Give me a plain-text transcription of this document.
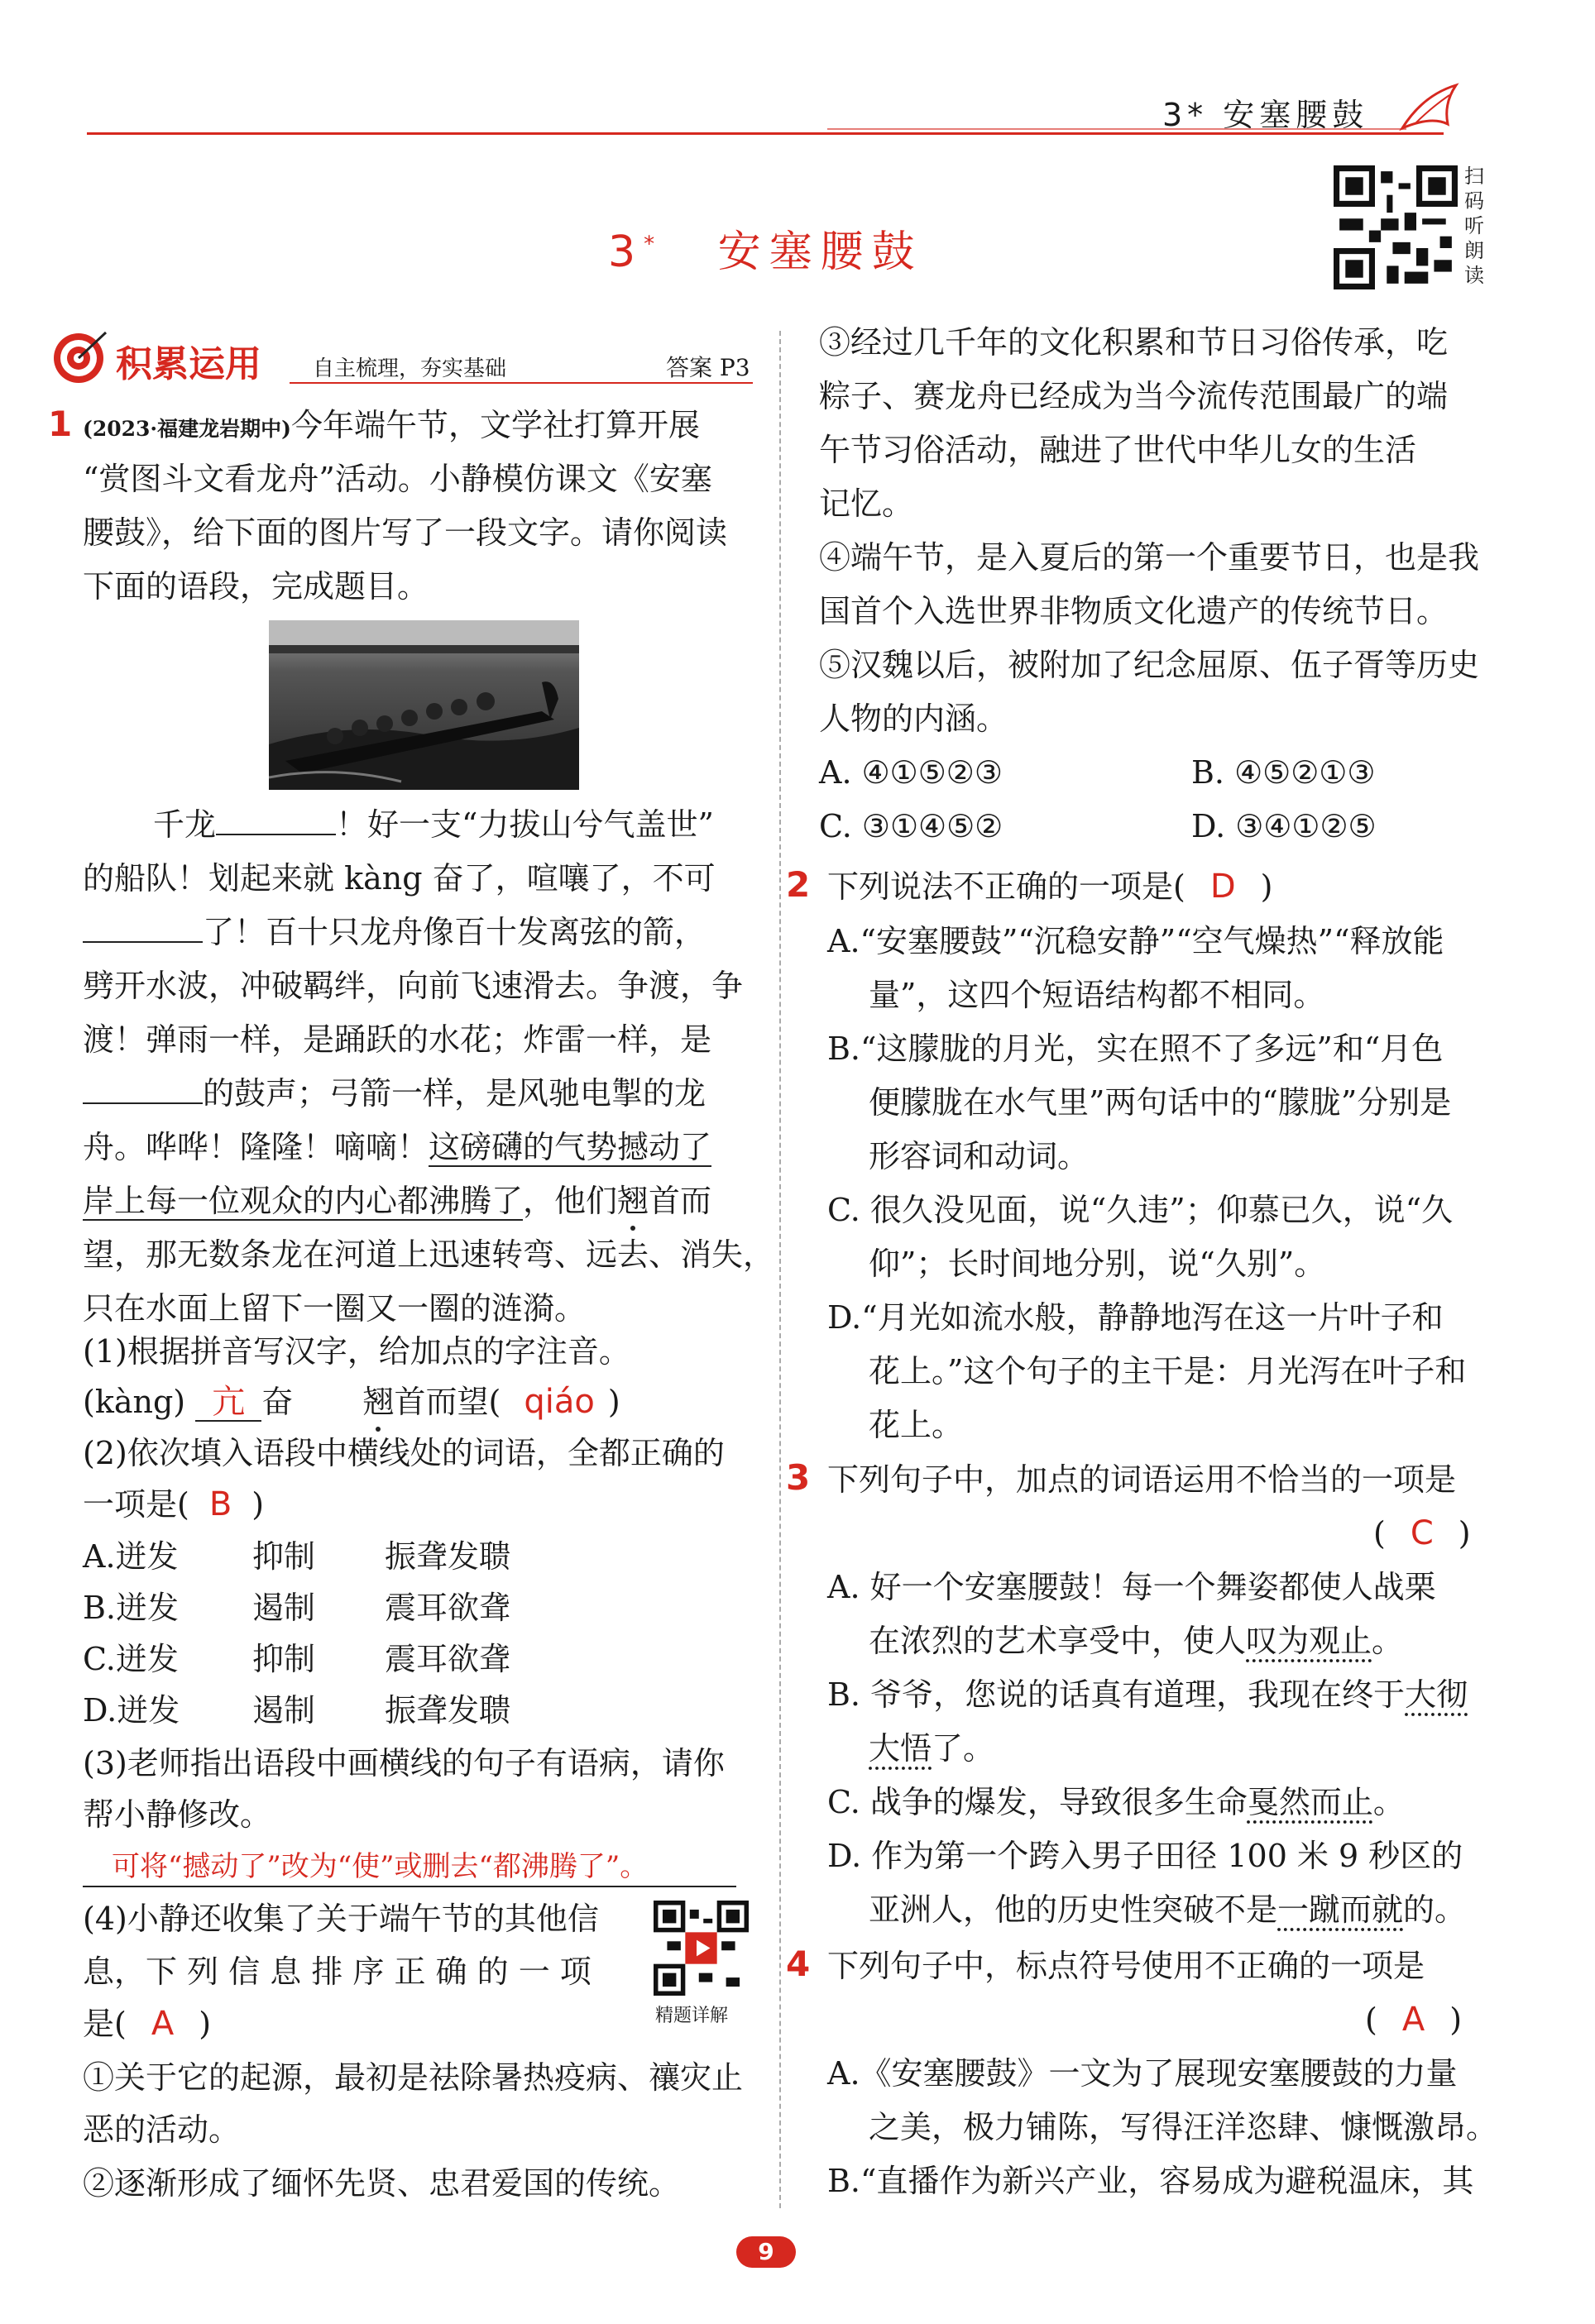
3* 安塞腰鼓
3* 安塞腰鼓
扫码听朗读
积累运用 自主梳理，夯实基础	答案 P3
1 (2023·福建龙岩期中)今年端午节，文学社打算开展
“赏图斗文看龙舟”活动。小静模仿课文《安塞
腰鼓》，给下面的图片写了一段文字。请你阅读
下面的语段，完成题目。
千龙	！好一支“力拔山兮气盖世”
的船队！划起来就 kàng 奋了，喧嚷了，不可
了！百十只龙舟像百十发离弦的箭，
劈开水波，冲破羁绊，向前飞速滑去。争渡，争
渡！弹雨一样，是踊跃的水花；炸雷一样，是
的鼓声；弓箭一样，是风驰电掣的龙
舟。哗哗！隆隆！嘀嘀！这磅礴的气势撼动了
岸上每一位观众的内心都沸腾了，他们翘首而
望，那无数条龙在河道上迅速转弯、远去、消失，
只在水面上留下一圈又一圈的涟漪。
(1)根据拼音写汉字，给加点的字注音。
(kàng) 亢 奋 翘首而望( qiáo )
(2)依次填入语段中横线处的词语，全都正确的
一项是( B )
A.迸发 抑制 振聋发聩
B.迸发 遏制 震耳欲聋
C.迸发 抑制 震耳欲聋
D.迸发 遏制 振聋发聩
(3)老师指出语段中画横线的句子有语病，请你
帮小静修改。
可将“撼动了”改为“使”或删去“都沸腾了”。
(4)小静还收集了关于端午节的其他信
息，下 列 信 息 排 序 正 确 的 一 项
是( A )	精题详解
①关于它的起源，最初是祛除暑热疫病、禳灾止
恶的活动。
②逐渐形成了缅怀先贤、忠君爱国的传统。
③经过几千年的文化积累和节日习俗传承，吃
粽子、赛龙舟已经成为当今流传范围最广的端
午节习俗活动，融进了世代中华儿女的生活
记忆。
④端午节，是入夏后的第一个重要节日，也是我
国首个入选世界非物质文化遗产的传统节日。
⑤汉魏以后，被附加了纪念屈原、伍子胥等历史
人物的内涵。
A. ④①⑤②③	B. ④⑤②①③
C. ③①④⑤②	D. ③④①②⑤
2 下列说法不正确的一项是( D )
A.“安塞腰鼓”“沉稳安静”“空气燥热”“释放能
量”，这四个短语结构都不相同。
B.“这朦胧的月光，实在照不了多远”和“月色
便朦胧在水气里”两句话中的“朦胧”分别是
形容词和动词。
C. 很久没见面，说“久违”；仰慕已久，说“久
仰”；长时间地分别，说“久别”。
D.“月光如流水般，静静地泻在这一片叶子和
花上。”这个句子的主干是：月光泻在叶子和
花上。
3 下列句子中，加点的词语运用不恰当的一项是
( C )
A. 好一个安塞腰鼓！每一个舞姿都使人战栗
在浓烈的艺术享受中，使人叹为观止。
B. 爷爷，您说的话真有道理，我现在终于大彻
大悟了。
C. 战争的爆发，导致很多生命戛然而止。
D. 作为第一个跨入男子田径 100 米 9 秒区的
亚洲人，他的历史性突破不是一蹴而就的。
4 下列句子中，标点符号使用不正确的一项是
( A )
A.《安塞腰鼓》一文为了展现安塞腰鼓的力量
之美，极力铺陈，写得汪洋恣肆、慷慨激昂。
B.“直播作为新兴产业，容易成为避税温床，其
9
